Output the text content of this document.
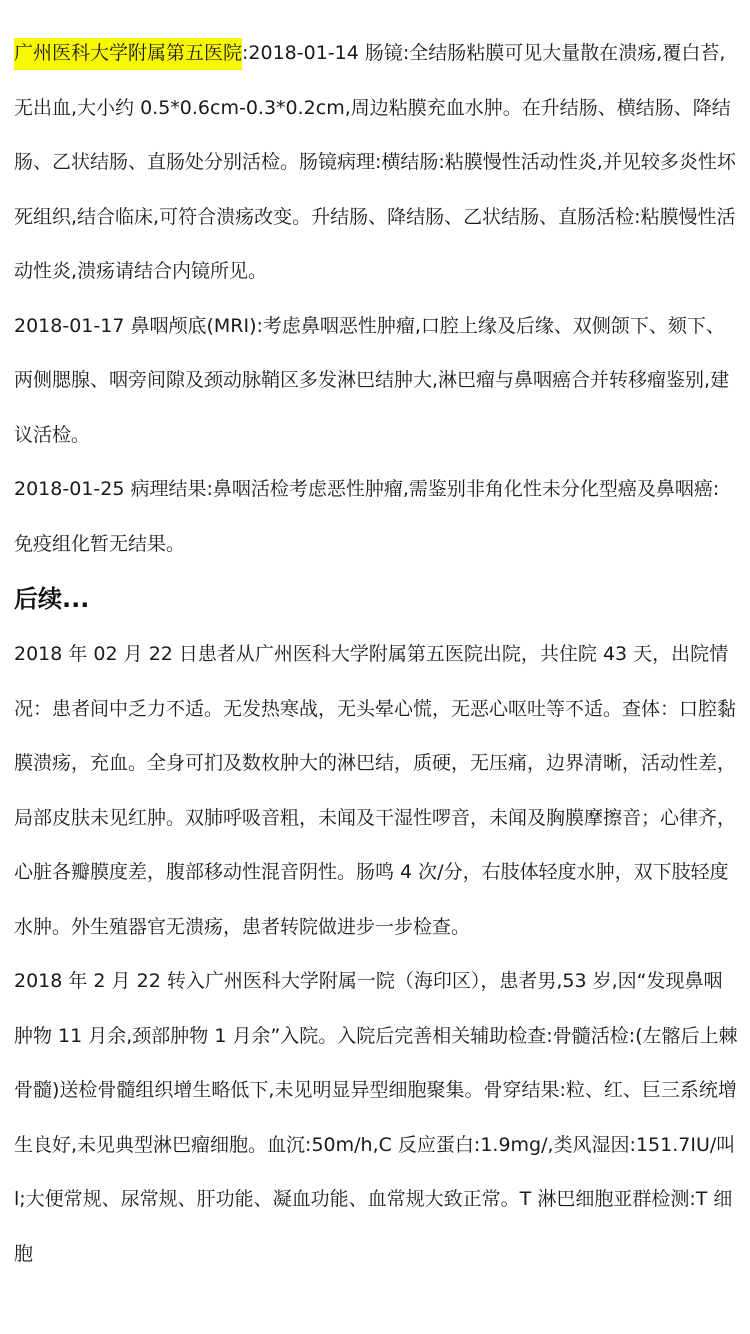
广州医科大学附属第五医院:2018-01-14 肠镜:全结肠粘膜可见大量散在溃疡,覆白苔,无出血,大小约 0.5*0.6cm-0.3*0.2cm,周边粘膜充血水肿。在升结肠、横结肠、降结肠、乙状结肠、直肠处分别活检。肠镜病理:横结肠:粘膜慢性活动性炎,并见较多炎性坏死组织,结合临床,可符合溃疡改变。升结肠、降结肠、乙状结肠、直肠活检:粘膜慢性活动性炎,溃疡请结合内镜所见。

2018-01-17 鼻咽颅底(MRI):考虑鼻咽恶性肿瘤,口腔上缘及后缘、双侧颌下、颏下、两侧腮腺、咽旁间隙及颈动脉鞘区多发淋巴结肿大,淋巴瘤与鼻咽癌合并转移瘤鉴别,建议活检。

2018-01-25 病理结果:鼻咽活检考虑恶性肿瘤,需鉴别非角化性未分化型癌及鼻咽癌:免疫组化暂无结果。

后续...

2018 年 02 月 22 日患者从广州医科大学附属第五医院出院，共住院 43 天，出院情况：患者间中乏力不适。无发热寒战，无头晕心慌，无恶心呕吐等不适。查体：口腔黏膜溃疡，充血。全身可扪及数枚肿大的淋巴结，质硬，无压痛，边界清晰，活动性差，局部皮肤未见红肿。双肺呼吸音粗，未闻及干湿性啰音，未闻及胸膜摩擦音；心律齐，心脏各瓣膜度差，腹部移动性混音阴性。肠鸣 4 次/分，右肢体轻度水肿，双下肢轻度水肿。外生殖器官无溃疡，患者转院做进步一步检查。

2018 年 2 月 22 转入广州医科大学附属一院（海印区），患者男,53 岁,因“发现鼻咽肿物 11 月余,颈部肿物 1 月余”入院。入院后完善相关辅助检查:骨髓活检:(左髂后上棘骨髓)送检骨髓组织增生略低下,未见明显异型细胞聚集。骨穿结果:粒、红、巨三系统增生良好,未见典型淋巴瘤细胞。血沉:50m/h,C 反应蛋白:1.9mg/,类风湿因:151.7IU/叫 l;大便常规、尿常规、肝功能、凝血功能、血常规大致正常。T 淋巴细胞亚群检测:T 细胞
